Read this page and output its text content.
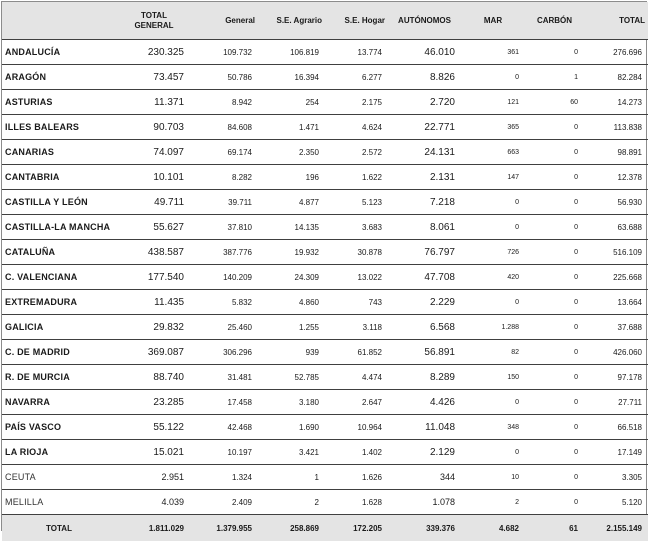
	TOTAL GENERAL	General	S.E. Agrario	S.E. Hogar	AUTÓNOMOS	MAR	CARBÓN	TOTAL
ANDALUCÍA	230.325	109.732	106.819	13.774	46.010	361	0	276.696
ARAGÓN	73.457	50.786	16.394	6.277	8.826	0	1	82.284
ASTURIAS	11.371	8.942	254	2.175	2.720	121	60	14.273
ILLES BALEARS	90.703	84.608	1.471	4.624	22.771	365	0	113.838
CANARIAS	74.097	69.174	2.350	2.572	24.131	663	0	98.891
CANTABRIA	10.101	8.282	196	1.622	2.131	147	0	12.378
CASTILLA Y LEÓN	49.711	39.711	4.877	5.123	7.218	0	0	56.930
CASTILLA-LA MANCHA	55.627	37.810	14.135	3.683	8.061	0	0	63.688
CATALUÑA	438.587	387.776	19.932	30.878	76.797	726	0	516.109
C. VALENCIANA	177.540	140.209	24.309	13.022	47.708	420	0	225.668
EXTREMADURA	11.435	5.832	4.860	743	2.229	0	0	13.664
GALICIA	29.832	25.460	1.255	3.118	6.568	1.288	0	37.688
C. DE MADRID	369.087	306.296	939	61.852	56.891	82	0	426.060
R. DE MURCIA	88.740	31.481	52.785	4.474	8.289	150	0	97.178
NAVARRA	23.285	17.458	3.180	2.647	4.426	0	0	27.711
PAÍS VASCO	55.122	42.468	1.690	10.964	11.048	348	0	66.518
LA RIOJA	15.021	10.197	3.421	1.402	2.129	0	0	17.149
CEUTA	2.951	1.324	1	1.626	344	10	0	3.305
MELILLA	4.039	2.409	2	1.628	1.078	2	0	5.120
TOTAL	1.811.029	1.379.955	258.869	172.205	339.376	4.682	61	2.155.149
